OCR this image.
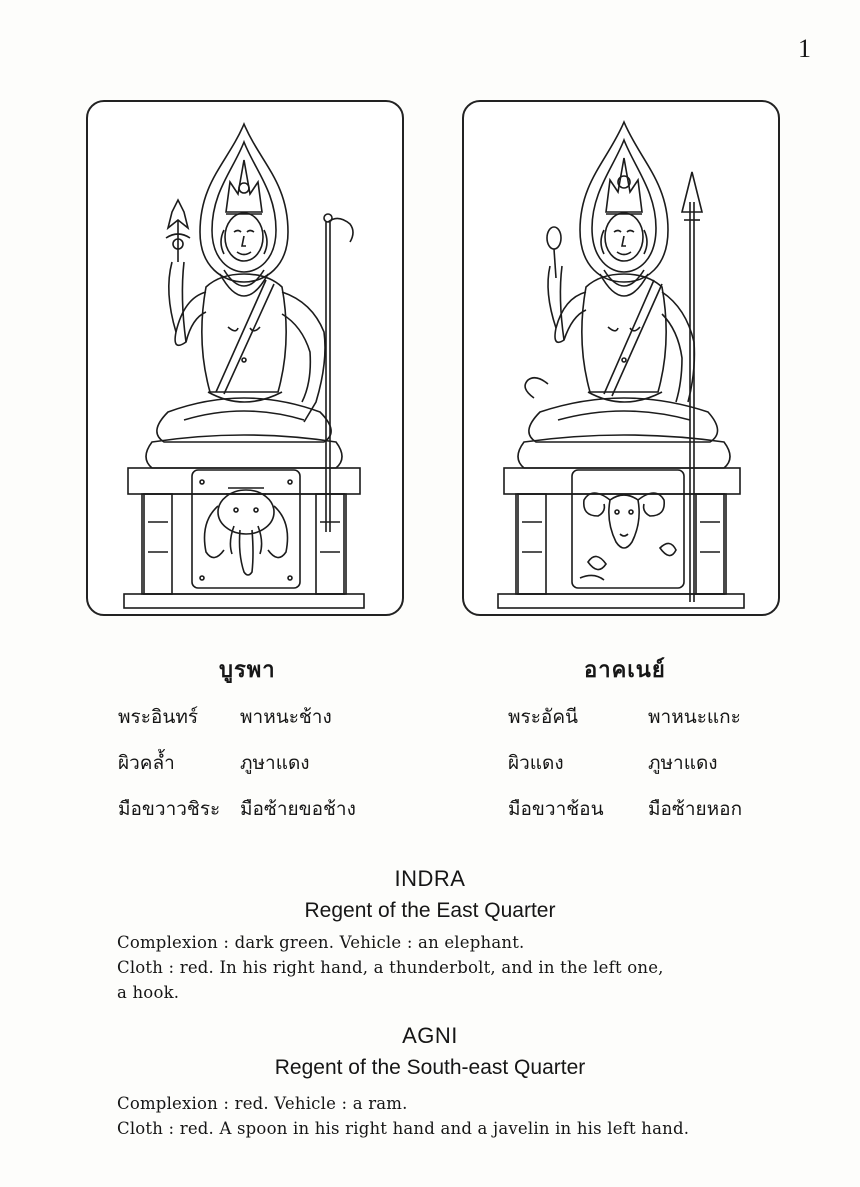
1
บูรพา
พระอินทร์ พาหนะช้าง
ผิวคล้ำ	ภูษาแดง
มือขวาวชิระ มือซ้ายขอช้าง
อาคเนย์
พระอัคนี	พาหนะแกะ
ผิวแดง	ภูษาแดง
มือขวาช้อน มือซ้ายหอก
INDRA
Regent of the East Quarter
Complexion : dark green. Vehicle : an elephant.
Cloth : red. In his right hand, a thunderbolt, and in the left one,
a hook.
AGNI
Regent of the South-east Quarter
Complexion : red. Vehicle : a ram.
Cloth : red. A spoon in his right hand and a javelin in his left hand.
